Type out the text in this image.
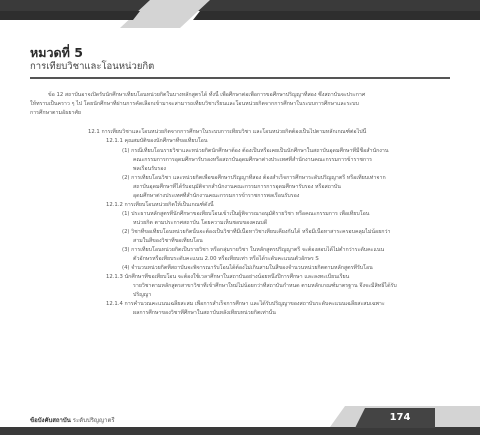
หมวดที่ 5
การเทียบวิชาและโอนหน่วยกิต
ข้อ 12 สถาบันอาจเปิดรับนักศึกษาเทียบโอนหน่วยกิตในบางหลักสูตรได้ ทั้งนี้ เพื่อศึกษาต่อเพื่อการขอศึกษาปริญญาที่สอง ซึ่งสถาบันจะประกาศ
ให้ทราบเป็นคราว ๆ ไป โดยนักศึกษาที่ผ่านการคัดเลือกเข้ามาจะสามารถเทียบวิชาเรียนและโอนหน่วยกิตจากการศึกษาในระบบการศึกษาและระบบ
การศึกษาตามอัธยาศัย
12.1 การเทียบวิชาและโอนหน่วยกิตจากการศึกษาในระบบการเทียบวิชา และโอนหน่วยกิตต้องเป็นไปตามหลักเกณฑ์ต่อไปนี้
12.1.1 คุณสมบัติของนักศึกษาที่ขอเทียบโอน
(1) กรณีเทียบโอนรายวิชาและหน่วยกิตนักศึกษาต้อง ต้องเป็นหรือเคยเป็นนักศึกษาในสถาบันอุดมศึกษาที่มีชื่อสำนักงาน
คณะกรรมการการอุดมศึกษารับรองหรือสถาบันอุดมศึกษาต่างประเทศที่สำนักงานคณะกรรมการข้าราชการ
พลเรือนรับรอง
(2) การเทียบโอนวิชา และหน่วยกิตเพื่อขอศึกษาปริญญาที่สอง ต้องสำเร็จการศึกษาระดับปริญญาตรี หรือเทียบเท่าจาก
สถาบันอุดมศึกษาที่ได้รับอนุมัติจากสำนักงานคณะกรรมการการอุดมศึกษารับรอง หรือสถาบัน
อุดมศึกษาต่างประเทศที่สำนักงานคณะกรรมการข้าราชการพลเรือนรับรอง
12.1.2 การเทียบโอนหน่วยกิตให้เป็นเกณฑ์ดังนี้
(1) ประธานหลักสูตรที่นักศึกษาขอเทียบโอนเข้าเป็นผู้พิจารณาอนุมัติรายวิชา หรือคณะกรรมการ เพื่อเทียบโอน
หน่วยกิต ตามประกาศสถาบัน โดยความเห็นชอบของคณบดี
(2) วิชาที่ขอเทียบโอนหน่วยกิตนั้นจะต้องเป็นวิชาที่มีเนื้อหาวิชาเทียบเคียงกันได้ หรือมีเนื้อหาสาระครอบคลุมไม่น้อยกว่า
สามในสี่ของวิชาที่ขอเทียบโอน
(3) การเทียบโอนหน่วยกิตเป็นรายวิชา หรือกลุ่มรายวิชา ในหลักสูตรปริญญาตรี จะต้องสอบได้ไม่ต่ำกว่าระดับคะแนน
ตัวอักษรหรือเทียบระดับคะแนน 2.00 หรือเทียบเท่า หรือได้ระดับคะแนนตัวอักษร S
(4) จำนวนหน่วยกิตที่สถาบันจะพิจารณารับโอนได้ต้องไม่เกินสามในสี่ของจำนวนหน่วยกิตตามหลักสูตรที่รับโอน
12.1.3 นักศึกษาที่ขอเทียบโอน จะต้องใช้เวลาศึกษาในสถาบันอย่างน้อยหนึ่งปีการศึกษา และลงทะเบียนเรียน
รายวิชาตามหลักสูตรสาขาวิชาที่เข้าศึกษาใหม่ไม่น้อยกว่าที่สถาบันกำหนด ตามหลักเกณฑ์มาตรฐาน จึงจะมีสิทธิ์ได้รับ
ปริญญา
12.1.4 การคำนวณคะแนนเฉลี่ยสะสม เพื่อการสำเร็จการศึกษา และได้รับปริญญาของสถาบันระดับคะแนนเฉลี่ยสะสมเฉพาะ
ผลการศึกษาของวิชาที่ศึกษาในสถาบันหลังเทียบหน่วยกิตเท่านั้น
174
ข้อบังคับสถาบัน ระดับปริญญาตรี
